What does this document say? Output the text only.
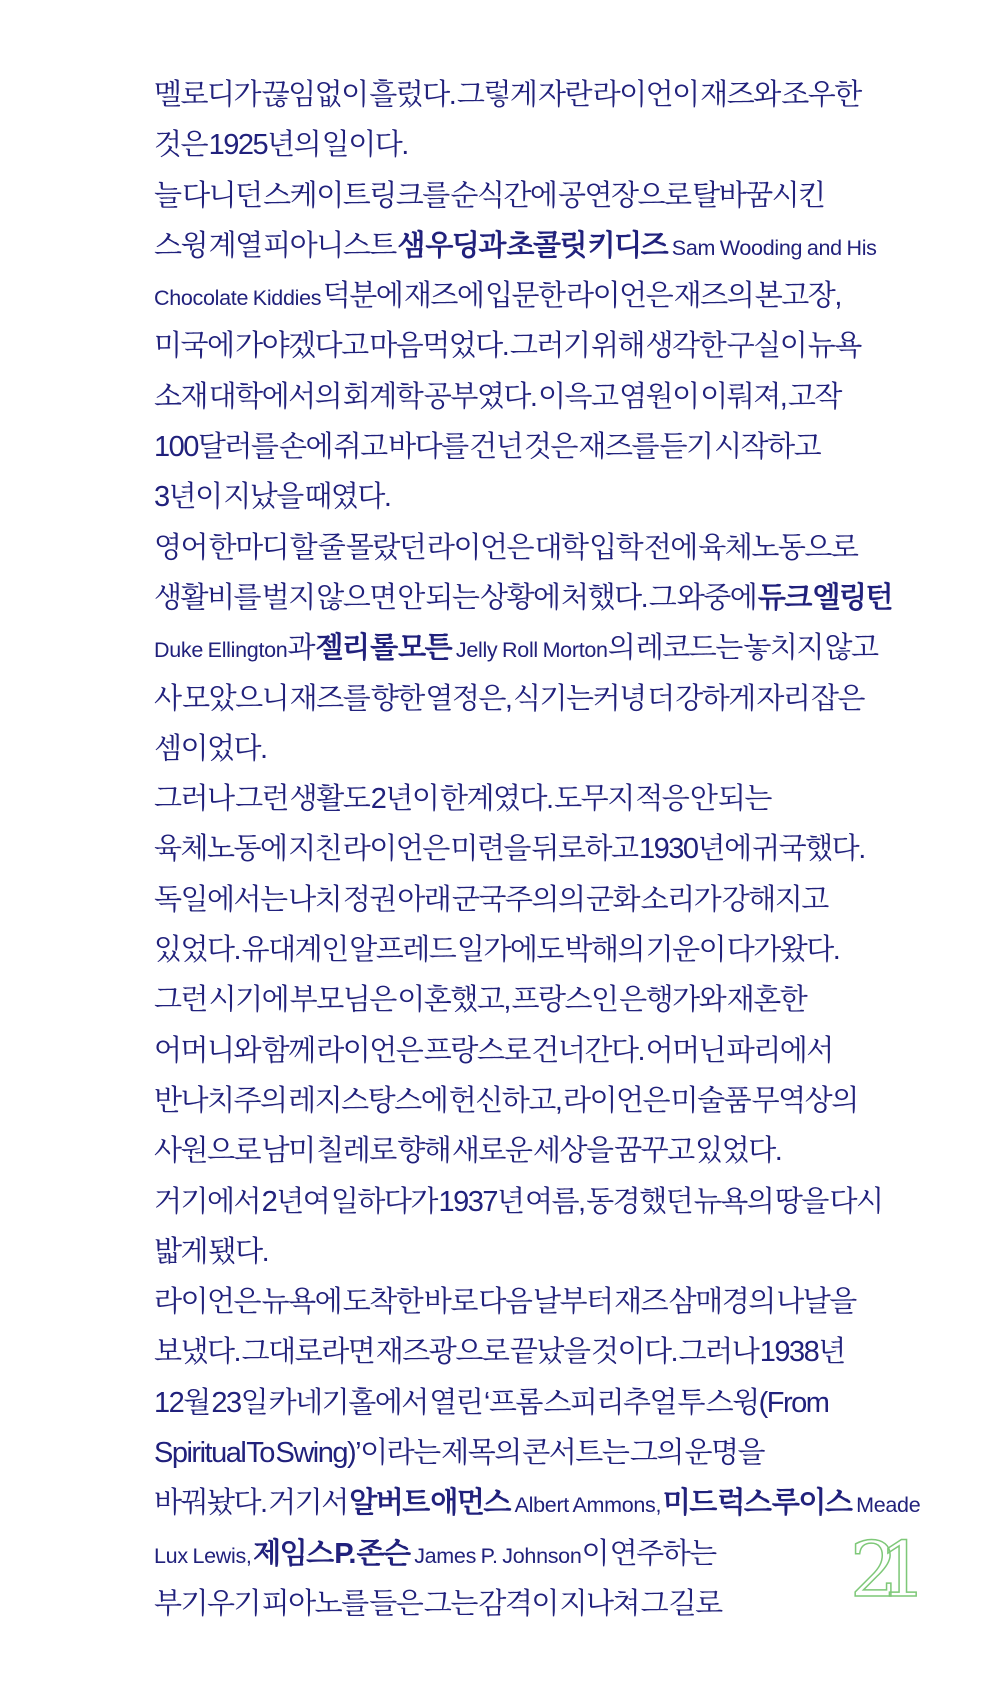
멜로디가 끊임없이 흘렀다. 그렇게 자란 라이언이 재즈와 조우한
것은 1925년의 일이다.
늘 다니던 스케이트링크를 순식간에 공연장으로 탈바꿈시킨
스윙 계열 피아니스트 샘 우딩과 초콜릿 키디즈 Sam Wooding and His
Chocolate Kiddies 덕분에 재즈에 입문한 라이언은 재즈의 본고장,
미국에 가야겠다고 마음먹었다. 그러기 위해 생각한 구실이 뉴욕
소재 대학에서의 회계학 공부였다. 이윽고 염원이 이뤄져, 고작
100달러를 손에 쥐고 바다를 건넌 것은 재즈를 듣기 시작하고
3년이 지났을 때였다.
영어 한마디 할 줄 몰랐던 라이언은 대학 입학 전에 육체노동으로
생활비를 벌지 않으면 안 되는 상황에 처했다. 그 와중에 듀크 엘링턴
Duke Ellington과 젤리 롤 모튼 Jelly Roll Morton의 레코드는 놓치지 않고
사 모았으니 재즈를 향한 열정은, 식기는커녕 더 강하게 자리 잡은
셈이었다.
그러나 그런 생활도 2년이 한계였다. 도무지 적응 안 되는
육체노동에 지친 라이언은 미련을 뒤로하고 1930년에 귀국했다.
독일에서는 나치 정권 아래 군국주의의 군화 소리가 강해지고
있었다. 유대계인 알프레드 일가에도 박해의 기운이 다가왔다.
그런 시기에 부모님은 이혼했고, 프랑스인 은행가와 재혼한
어머니와 함께 라이언은 프랑스로 건너간다. 어머닌 파리에서
반나치주의 레지스탕스에 헌신하고, 라이언은 미술품 무역상의
사원으로 남미 칠레로 향해 새로운 세상을 꿈꾸고 있었다.
거기에서 2년여 일하다가 1937년 여름, 동경했던 뉴욕의 땅을 다시
밟게 됐다.
라이언은 뉴욕에 도착한 바로 다음 날부터 재즈 삼매경의 나날을
보냈다. 그대로라면 재즈광으로 끝났을 것이다. 그러나 1938년
12월 23일 카네기홀에서 열린 ‘프롬 스피리추얼 투 스윙(From
Spiritual To Swing)’이라는 제목의 콘서트는 그의 운명을
바꿔놨다. 거기서 알버트 애먼스 Albert Ammons, 미드 럭스 루이스 Meade
Lux Lewis, 제임스 P. 존슨 James P. Johnson이 연주하는
부기우기 피아노를 들은 그는 감격이 지나쳐 그 길로	21
